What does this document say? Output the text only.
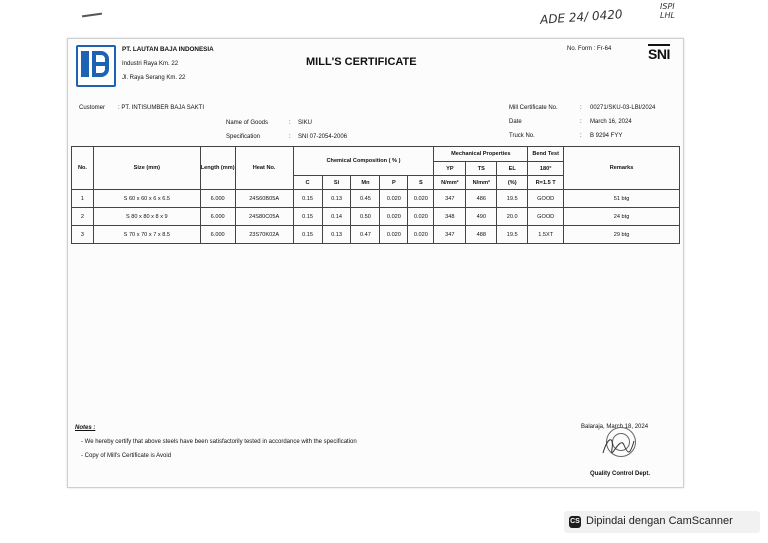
ADE 24/ 0420
ISPI LHL
PT. LAUTAN BAJA INDONESIA
Industri Raya Km. 22
Jl. Raya Serang Km. 22
MILL'S CERTIFICATE
No. Form : Fr-64	SNI
Customer : PT. INTISUMBER BAJA SAKTI
Name of Goods	: SIKU
Specification	: SNI 07-2054-2006
Mill Certificate No.	: 00271/SKU-03-LBI/2024
Date	: March 16, 2024
Truck No.	: B 9294 FYY
No.	Size (mm)	Length (mm)	Heat No.	Chemical Composition ( % )					Mechanical Properties			Bend Test	Remarks
									YP	TS	EL	180°	
				C	Si	Mn	P	S	N/mm²	N/mm²	(%)	R=1.5 T	
1	S 60 x 60 x 6 x 6.5	6.000	24S60B05A	0.15	0.13	0.45	0.020	0.020	347	486	19.5	GOOD	51 btg
2	S 80 x 80 x 8 x 9	6.000	24S80C05A	0.15	0.14	0.50	0.020	0.020	348	490	20.0	GOOD	24 btg
3	S 70 x 70 x 7 x 8.5	6.000	23S70K02A	0.15	0.13	0.47	0.020	0.020	347	488	19.5	1.5XT	29 btg
Notes :
- We hereby certify that above steels have been satisfactorily tested in accordance with the specification
- Copy of Mill's Certificate is Avoid
Balaraja, March 18, 2024
Quality Control Dept.
CS Dipindai dengan CamScanner
